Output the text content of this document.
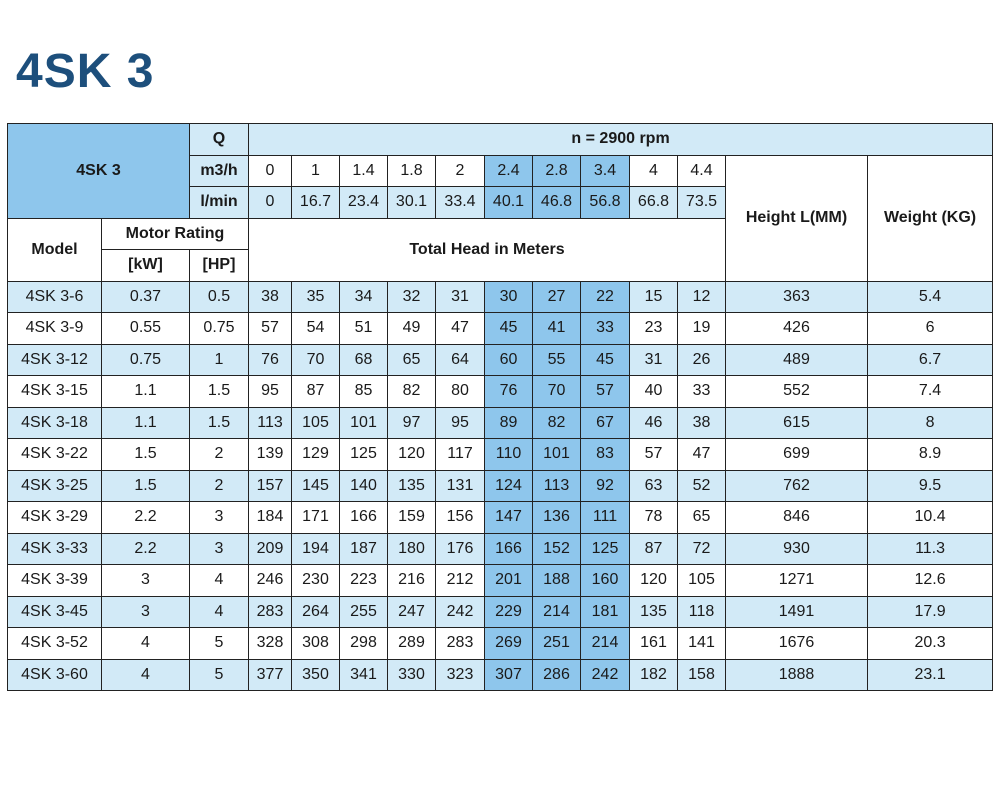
4SK 3
4SK 3		Q	n = 2900 rpm											
		m3/h	0	1	1.4	1.8	2	2.4	2.8	3.4	4	4.4	Height L(MM)	Weight (KG)
		l/min	0	16.7	23.4	30.1	33.4	40.1	46.8	56.8	66.8	73.5		
Model	Motor Rating		Total Head in Meters											
	[kW]	[HP]												
4SK 3-6	0.37	0.5	38	35	34	32	31	30	27	22	15	12	363	5.4
4SK 3-9	0.55	0.75	57	54	51	49	47	45	41	33	23	19	426	6
4SK 3-12	0.75	1	76	70	68	65	64	60	55	45	31	26	489	6.7
4SK 3-15	1.1	1.5	95	87	85	82	80	76	70	57	40	33	552	7.4
4SK 3-18	1.1	1.5	113	105	101	97	95	89	82	67	46	38	615	8
4SK 3-22	1.5	2	139	129	125	120	117	110	101	83	57	47	699	8.9
4SK 3-25	1.5	2	157	145	140	135	131	124	113	92	63	52	762	9.5
4SK 3-29	2.2	3	184	171	166	159	156	147	136	111	78	65	846	10.4
4SK 3-33	2.2	3	209	194	187	180	176	166	152	125	87	72	930	11.3
4SK 3-39	3	4	246	230	223	216	212	201	188	160	120	105	1271	12.6
4SK 3-45	3	4	283	264	255	247	242	229	214	181	135	118	1491	17.9
4SK 3-52	4	5	328	308	298	289	283	269	251	214	161	141	1676	20.3
4SK 3-60	4	5	377	350	341	330	323	307	286	242	182	158	1888	23.1
